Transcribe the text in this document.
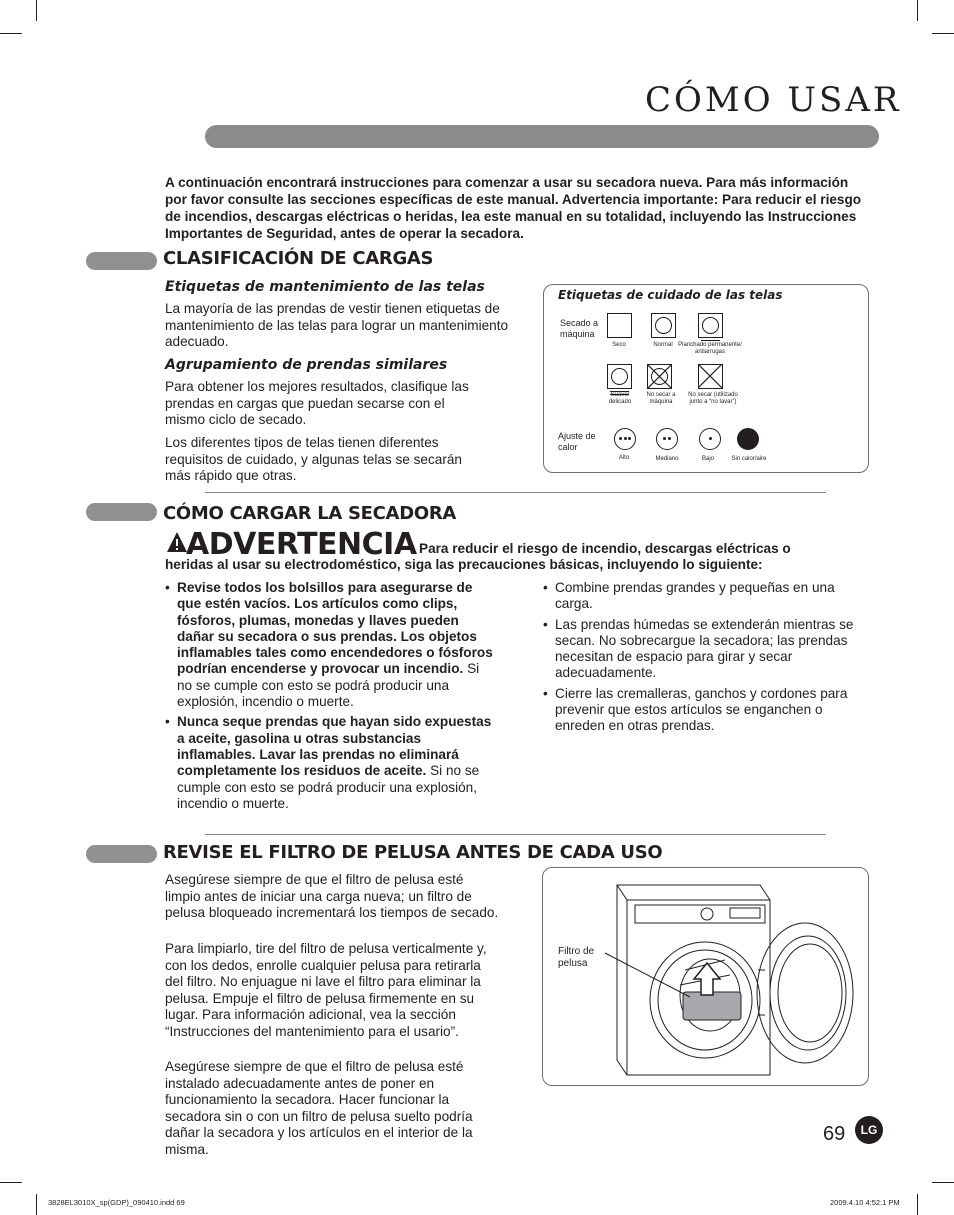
CÓMO USAR
A continuación encontrará instrucciones para comenzar a usar su secadora nueva. Para más información por favor consulte las secciones específicas de este manual. Advertencia importante: Para reducir el riesgo de incendios, descargas eléctricas o heridas, lea este manual en su totalidad, incluyendo las Instrucciones Importantes de Seguridad, antes de operar la secadora.
CLASIFICACIÓN DE CARGAS
Etiquetas de mantenimiento de las telas
La mayoría de las prendas de vestir tienen etiquetas de mantenimiento de las telas para lograr un mantenimiento adecuado.
Agrupamiento de prendas similares
Para obtener los mejores resultados, clasifique las prendas en cargas que puedan secarse con el mismo ciclo de secado.
Los diferentes tipos de telas tienen diferentes requisitos de cuidado, y algunas telas se secarán más rápido que otras.
Etiquetas de cuidado de las telas
Secado a máquina
Seco	Normal Planchado permanente/ antiarrugas
Suave/ delicado
No secar a máquina
No secar (utilizado junto a “no lavar”)
Ajuste de calor
Alto	Mediano	Bajo	Sin calor/aire
CÓMO CARGAR LA SECADORA
ADVERTENCIA Para reducir el riesgo de incendio, descargas eléctricas o
heridas al usar su electrodoméstico, siga las precauciones básicas, incluyendo lo siguiente:
• Revise todos los bolsillos para asegurarse de que estén vacíos. Los artículos como clips, fósforos, plumas, monedas y llaves pueden dañar su secadora o sus prendas. Los objetos inflamables tales como encendedores o fósforos podrían encenderse y provocar un incendio. Si no se cumple con esto se podrá producir una explosión, incendio o muerte.
• Nunca seque prendas que hayan sido expuestas a aceite, gasolina u otras substancias inflamables. Lavar las prendas no eliminará completamente los residuos de aceite. Si no se cumple con esto se podrá producir una explosión, incendio o muerte.
• Combine prendas grandes y pequeñas en una carga.
• Las prendas húmedas se extenderán mientras se secan. No sobrecargue la secadora; las prendas necesitan de espacio para girar y secar adecuadamente.
• Cierre las cremalleras, ganchos y cordones para prevenir que estos artículos se enganchen o enreden en otras prendas.
REVISE EL FILTRO DE PELUSA ANTES DE CADA USO
Asegúrese siempre de que el filtro de pelusa esté limpio antes de iniciar una carga nueva; un filtro de pelusa bloqueado incrementará los tiempos de secado.
Para limpiarlo, tire del filtro de pelusa verticalmente y, con los dedos, enrolle cualquier pelusa para retirarla del filtro. No enjuague ni lave el filtro para eliminar la pelusa. Empuje el filtro de pelusa firmemente en su lugar. Para información adicional, vea la sección “Instrucciones del mantenimiento para el usario”.
Asegúrese siempre de que el filtro de pelusa esté instalado adecuadamente antes de poner en funcionamiento la secadora. Hacer funcionar la secadora sin o con un filtro de pelusa suelto podría dañar la secadora y los artículos en el interior de la misma.
Filtro de pelusa
69	LG
3828EL3010X_sp(GDP)_090410.indd 69	2009.4.10 4:52:1 PM
